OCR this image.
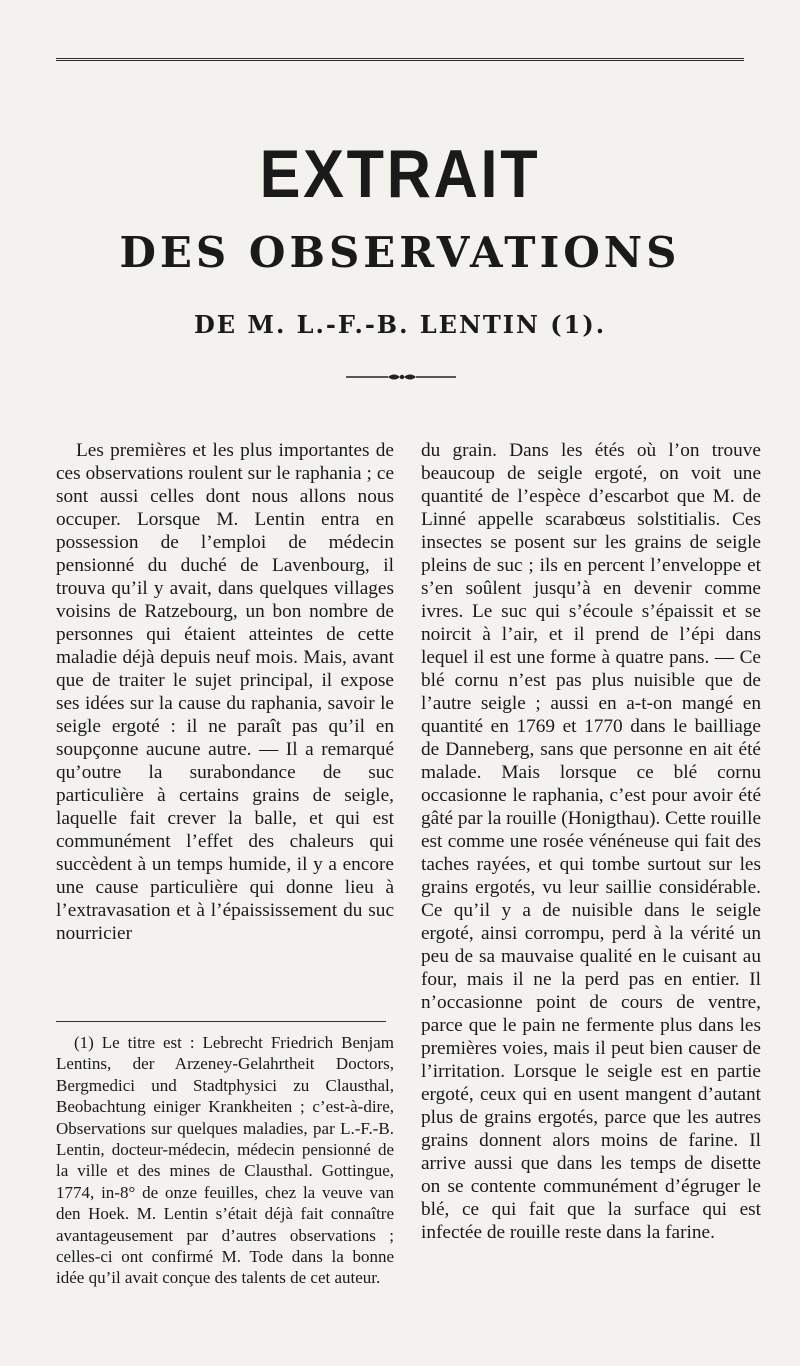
EXTRAIT
DES OBSERVATIONS
DE M. L.-F.-B. LENTIN (1).

Les premières et les plus importantes de ces observations roulent sur le raphania ; ce sont aussi celles dont nous allons nous occuper. Lorsque M. Lentin entra en possession de l’emploi de médecin pensionné du duché de Lavenbourg, il trouva qu’il y avait, dans quelques villages voisins de Ratzebourg, un bon nombre de personnes qui étaient atteintes de cette maladie déjà depuis neuf mois. Mais, avant que de traiter le sujet principal, il expose ses idées sur la cause du raphania, savoir le seigle ergoté : il ne paraît pas qu’il en soupçonne aucune autre. — Il a remarqué qu’outre la surabondance de suc particulière à certains grains de seigle, laquelle fait crever la balle, et qui est communément l’effet des chaleurs qui succèdent à un temps humide, il y a encore une cause particulière qui donne lieu à l’extravasation et à l’épaississement du suc nourricier

(1) Le titre est : Lebrecht Friedrich Benjam Lentins, der Arzeney-Gelahrtheit Doctors, Bergmedici und Stadtphysici zu Clausthal, Beobachtung einiger Krankheiten ; c’est-à-dire, Observations sur quelques maladies, par L.-F.-B. Lentin, docteur-médecin, médecin pensionné de la ville et des mines de Clausthal. Gottingue, 1774, in-8° de onze feuilles, chez la veuve van den Hoek. M. Lentin s’était déjà fait connaître avantageusement par d’autres observations ; celles-ci ont confirmé M. Tode dans la bonne idée qu’il avait conçue des talents de cet auteur.

du grain. Dans les étés où l’on trouve beaucoup de seigle ergoté, on voit une quantité de l’espèce d’escarbot que M. de Linné appelle scarabœus solstitialis. Ces insectes se posent sur les grains de seigle pleins de suc ; ils en percent l’enveloppe et s’en soûlent jusqu’à en devenir comme ivres. Le suc qui s’écoule s’épaissit et se noircit à l’air, et il prend de l’épi dans lequel il est une forme à quatre pans. — Ce blé cornu n’est pas plus nuisible que de l’autre seigle ; aussi en a-t-on mangé en quantité en 1769 et 1770 dans le bailliage de Danneberg, sans que personne en ait été malade. Mais lorsque ce blé cornu occasionne le raphania, c’est pour avoir été gâté par la rouille (Honigthau). Cette rouille est comme une rosée vénéneuse qui fait des taches rayées, et qui tombe surtout sur les grains ergotés, vu leur saillie considérable. Ce qu’il y a de nuisible dans le seigle ergoté, ainsi corrompu, perd à la vérité un peu de sa mauvaise qualité en le cuisant au four, mais il ne la perd pas en entier. Il n’occasionne point de cours de ventre, parce que le pain ne fermente plus dans les premières voies, mais il peut bien causer de l’irritation. Lorsque le seigle est en partie ergoté, ceux qui en usent mangent d’autant plus de grains ergotés, parce que les autres grains donnent alors moins de farine. Il arrive aussi que dans les temps de disette on se contente communément d’égruger le blé, ce qui fait que la surface qui est infectée de rouille reste dans la farine.
